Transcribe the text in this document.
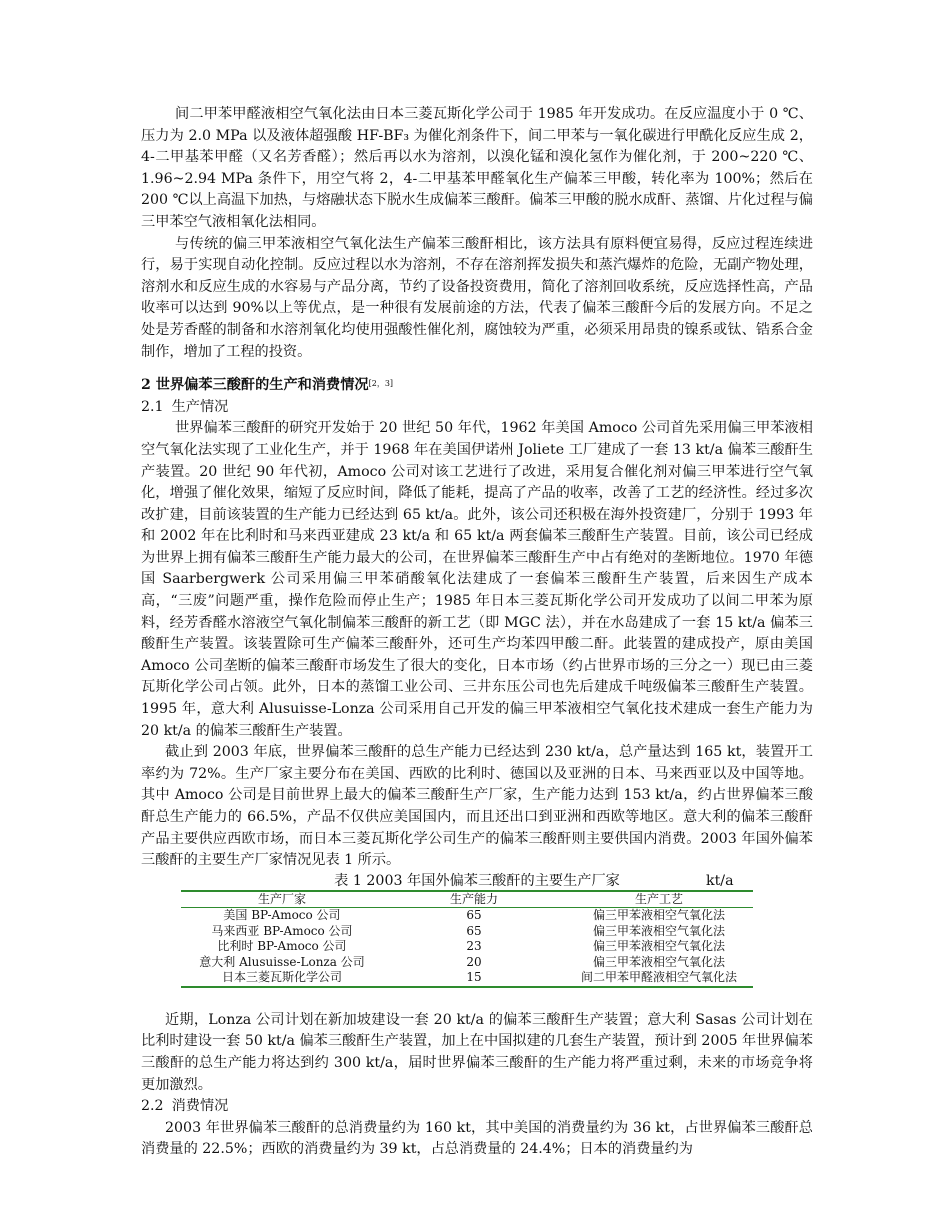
间二甲苯甲醛液相空气氧化法由日本三菱瓦斯化学公司于 1985 年开发成功。在反应温度小于 0 ℃、压力为 2.0 MPa 以及液体超强酸 HF-BF₃ 为催化剂条件下，间二甲苯与一氧化碳进行甲酰化反应生成 2，4-二甲基苯甲醛（又名芳香醛）；然后再以水为溶剂，以溴化锰和溴化氢作为催化剂，于 200~220 ℃、1.96~2.94 MPa 条件下，用空气将 2，4-二甲基苯甲醛氧化生产偏苯三甲酸，转化率为 100%；然后在 200 ℃以上高温下加热，与熔融状态下脱水生成偏苯三酸酐。偏苯三甲酸的脱水成酐、蒸馏、片化过程与偏三甲苯空气液相氧化法相同。

与传统的偏三甲苯液相空气氧化法生产偏苯三酸酐相比，该方法具有原料便宜易得，反应过程连续进行，易于实现自动化控制。反应过程以水为溶剂，不存在溶剂挥发损失和蒸汽爆炸的危险，无副产物处理，溶剂水和反应生成的水容易与产品分离，节约了设备投资费用，简化了溶剂回收系统，反应选择性高，产品收率可以达到 90%以上等优点，是一种很有发展前途的方法，代表了偏苯三酸酐今后的发展方向。不足之处是芳香醛的制备和水溶剂氧化均使用强酸性催化剂，腐蚀较为严重，必须采用昂贵的镍系或钛、锆系合金制作，增加了工程的投资。

2 世界偏苯三酸酐的生产和消费情况[2，3]
2.1 生产情况

世界偏苯三酸酐的研究开发始于 20 世纪 50 年代，1962 年美国 Amoco 公司首先采用偏三甲苯液相空气氧化法实现了工业化生产，并于 1968 年在美国伊诺州 Joliete 工厂建成了一套 13 kt/a 偏苯三酸酐生产装置。20 世纪 90 年代初，Amoco 公司对该工艺进行了改进，采用复合催化剂对偏三甲苯进行空气氧化，增强了催化效果，缩短了反应时间，降低了能耗，提高了产品的收率，改善了工艺的经济性。经过多次改扩建，目前该装置的生产能力已经达到 65 kt/a。此外，该公司还积极在海外投资建厂，分别于 1993 年和 2002 年在比利时和马来西亚建成 23 kt/a 和 65 kt/a 两套偏苯三酸酐生产装置。目前，该公司已经成为世界上拥有偏苯三酸酐生产能力最大的公司，在世界偏苯三酸酐生产中占有绝对的垄断地位。1970 年德国 Saarbergwerk 公司采用偏三甲苯硝酸氧化法建成了一套偏苯三酸酐生产装置，后来因生产成本高，“三废”问题严重，操作危险而停止生产；1985 年日本三菱瓦斯化学公司开发成功了以间二甲苯为原料，经芳香醛水溶液空气氧化制偏苯三酸酐的新工艺（即 MGC 法），并在水岛建成了一套 15 kt/a 偏苯三酸酐生产装置。该装置除可生产偏苯三酸酐外，还可生产均苯四甲酸二酐。此装置的建成投产，原由美国 Amoco 公司垄断的偏苯三酸酐市场发生了很大的变化，日本市场（约占世界市场的三分之一）现已由三菱瓦斯化学公司占领。此外，日本的蒸馏工业公司、三井东压公司也先后建成千吨级偏苯三酸酐生产装置。1995 年，意大利 Alusuisse-Lonza 公司采用自己开发的偏三甲苯液相空气氧化技术建成一套生产能力为 20 kt/a 的偏苯三酸酐生产装置。

截止到 2003 年底，世界偏苯三酸酐的总生产能力已经达到 230 kt/a，总产量达到 165 kt，装置开工率约为 72%。生产厂家主要分布在美国、西欧的比利时、德国以及亚洲的日本、马来西亚以及中国等地。其中 Amoco 公司是目前世界上最大的偏苯三酸酐生产厂家，生产能力达到 153 kt/a，约占世界偏苯三酸酐总生产能力的 66.5%，产品不仅供应美国国内，而且还出口到亚洲和西欧等地区。意大利的偏苯三酸酐产品主要供应西欧市场，而日本三菱瓦斯化学公司生产的偏苯三酸酐则主要供国内消费。2003 年国外偏苯三酸酐的主要生产厂家情况见表 1 所示。

表 1 2003 年国外偏苯三酸酐的主要生产厂家	kt/a
生产厂家	生产能力	生产工艺
美国 BP-Amoco 公司	65	偏三甲苯液相空气氧化法
马来西亚 BP-Amoco 公司	65	偏三甲苯液相空气氧化法
比利时 BP-Amoco 公司	23	偏三甲苯液相空气氧化法
意大利 Alusuisse-Lonza 公司	20	偏三甲苯液相空气氧化法
日本三菱瓦斯化学公司	15	间二甲苯甲醛液相空气氧化法

近期，Lonza 公司计划在新加坡建设一套 20 kt/a 的偏苯三酸酐生产装置；意大利 Sasas 公司计划在比利时建设一套 50 kt/a 偏苯三酸酐生产装置，加上在中国拟建的几套生产装置，预计到 2005 年世界偏苯三酸酐的总生产能力将达到约 300 kt/a，届时世界偏苯三酸酐的生产能力将严重过剩，未来的市场竞争将更加激烈。

2.2 消费情况

2003 年世界偏苯三酸酐的总消费量约为 160 kt，其中美国的消费量约为 36 kt，占世界偏苯三酸酐总消费量的 22.5%；西欧的消费量约为 39 kt，占总消费量的 24.4%；日本的消费量约为
